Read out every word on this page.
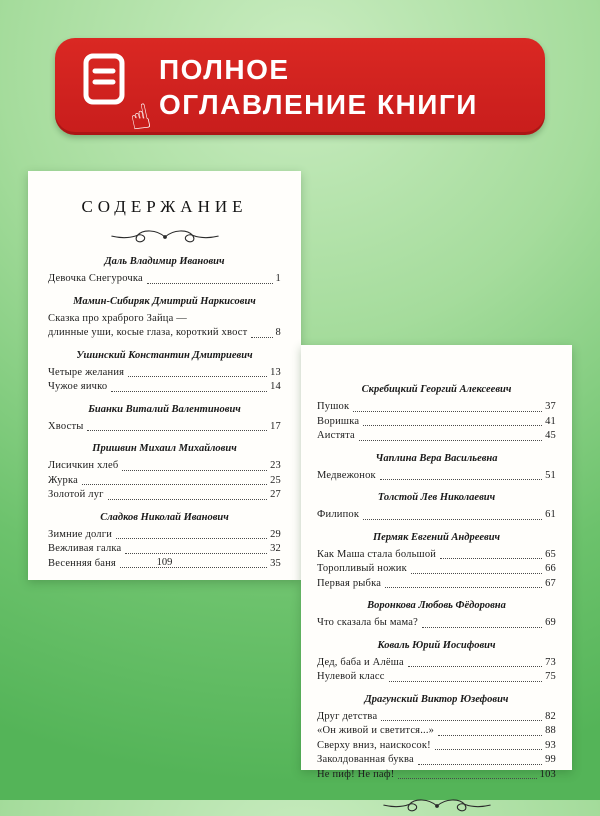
☝
ПОЛНОЕ
ОГЛАВЛЕНИЕ КНИГИ
СОДЕРЖАНИЕ
Даль Владимир Иванович
Девочка Снегурочка	1
Мамин-Сибиряк Дмитрий Наркисович
Сказка про храброго Зайца —
длинные уши, косые глаза, короткий хвост	8
Ушинский Константин Дмитриевич
Четыре желания	13
Чужое яичко	14
Бианки Виталий Валентинович
Хвосты	17
Пришвин Михаил Михайлович
Лисичкин хлеб	23
Журка	25
Золотой луг	27
Сладков Николай Иванович
Зимние долги	29
Вежливая галка	32
Весенняя баня	35
109
Скребицкий Георгий Алексеевич
Пушок	37
Воришка	41
Аистята	45
Чаплина Вера Васильевна
Медвежонок	51
Толстой Лев Николаевич
Филипок	61
Пермяк Евгений Андреевич
Как Маша стала большой	65
Торопливый ножик	66
Первая рыбка	67
Воронкова Любовь Фёдоровна
Что сказала бы мама?	69
Коваль Юрий Иосифович
Дед, баба и Алёша	73
Нулевой класс	75
Драгунский Виктор Юзефович
Друг детства	82
«Он живой и светится...»	88
Сверху вниз, наискосок!	93
Заколдованная буква	99
Не пиф! Не паф!	103
